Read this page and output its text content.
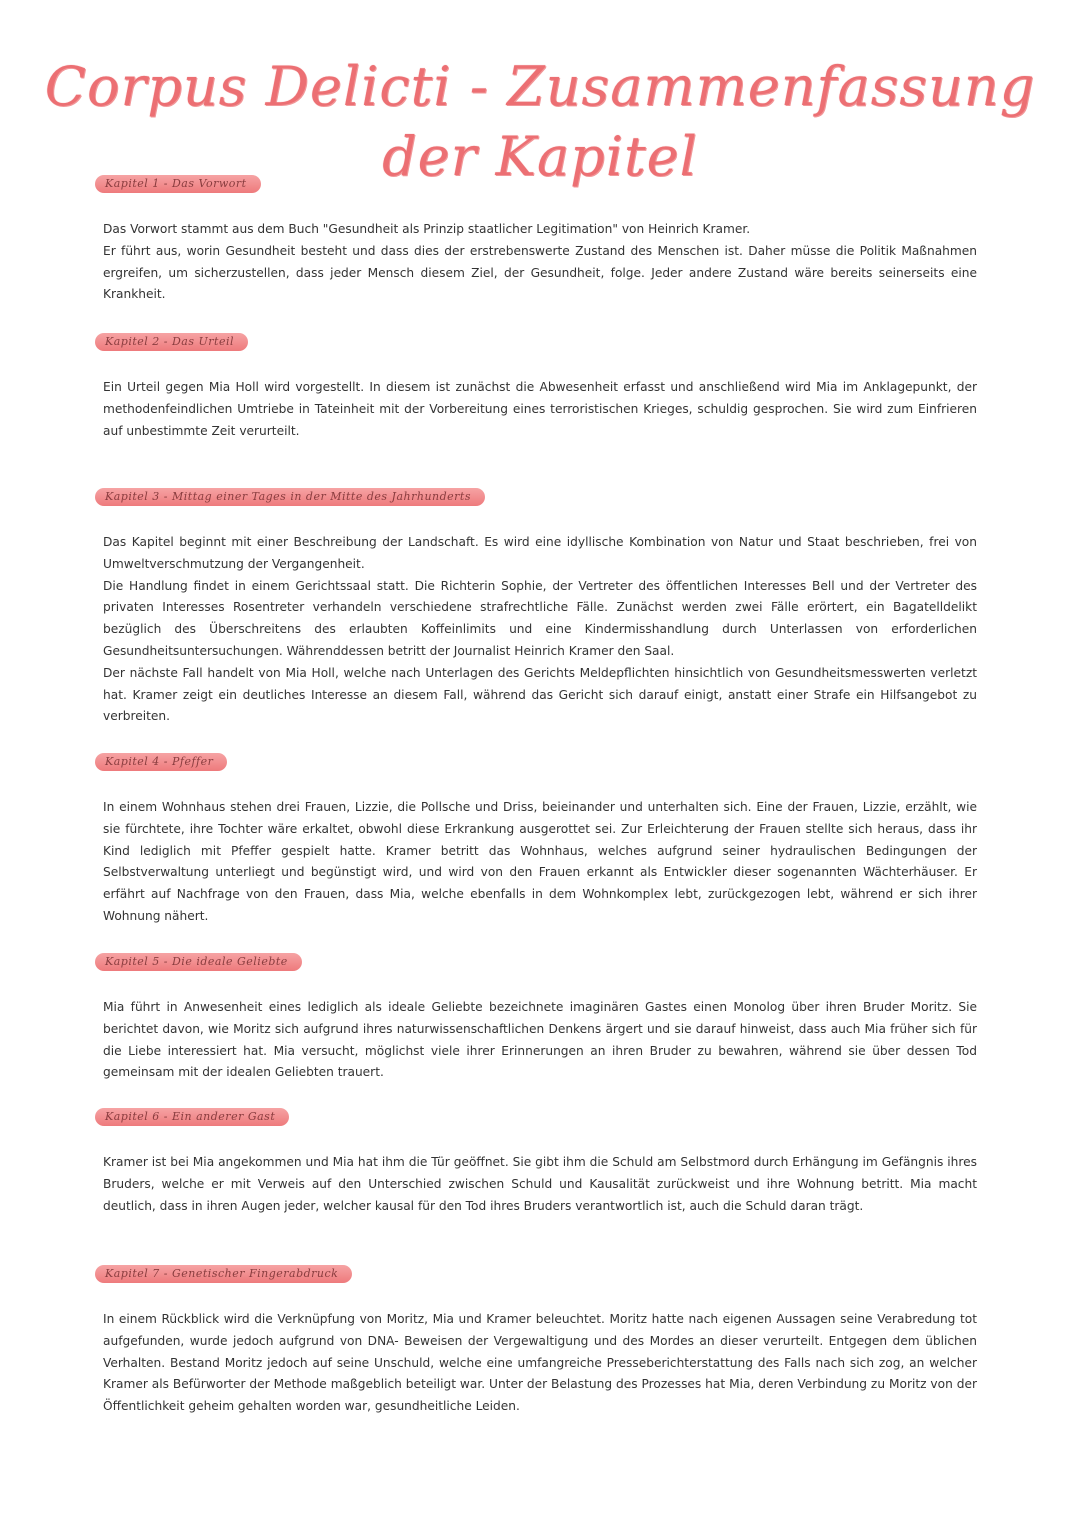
Corpus Delicti - Zusammenfassung der Kapitel
Kapitel 1 - Das Vorwort

Das Vorwort stammt aus dem Buch "Gesundheit als Prinzip staatlicher Legitimation" von Heinrich Kramer.

Er führt aus, worin Gesundheit besteht und dass dies der erstrebenswerte Zustand des Menschen ist. Daher müsse die Politik Maßnahmen ergreifen, um sicherzustellen, dass jeder Mensch diesem Ziel, der Gesundheit, folge. Jeder andere Zustand wäre bereits seinerseits eine Krankheit.

Kapitel 2 - Das Urteil

Ein Urteil gegen Mia Holl wird vorgestellt. In diesem ist zunächst die Abwesenheit erfasst und anschließend wird Mia im Anklagepunkt, der methodenfeindlichen Umtriebe in Tateinheit mit der Vorbereitung eines terroristischen Krieges, schuldig gesprochen. Sie wird zum Einfrieren auf unbestimmte Zeit verurteilt.

Kapitel 3 - Mittag einer Tages in der Mitte des Jahrhunderts

Das Kapitel beginnt mit einer Beschreibung der Landschaft. Es wird eine idyllische Kombination von Natur und Staat beschrieben, frei von Umweltverschmutzung der Vergangenheit.

Die Handlung findet in einem Gerichtssaal statt. Die Richterin Sophie, der Vertreter des öffentlichen Interesses Bell und der Vertreter des privaten Interesses Rosentreter verhandeln verschiedene strafrechtliche Fälle. Zunächst werden zwei Fälle erörtert, ein Bagatelldelikt bezüglich des Überschreitens des erlaubten Koffeinlimits und eine Kindermisshandlung durch Unterlassen von erforderlichen Gesundheitsuntersuchungen. Währenddessen betritt der Journalist Heinrich Kramer den Saal.

Der nächste Fall handelt von Mia Holl, welche nach Unterlagen des Gerichts Meldepflichten hinsichtlich von Gesundheitsmesswerten verletzt hat. Kramer zeigt ein deutliches Interesse an diesem Fall, während das Gericht sich darauf einigt, anstatt einer Strafe ein Hilfsangebot zu verbreiten.

Kapitel 4 - Pfeffer

In einem Wohnhaus stehen drei Frauen, Lizzie, die Pollsche und Driss, beieinander und unterhalten sich. Eine der Frauen, Lizzie, erzählt, wie sie fürchtete, ihre Tochter wäre erkaltet, obwohl diese Erkrankung ausgerottet sei. Zur Erleichterung der Frauen stellte sich heraus, dass ihr Kind lediglich mit Pfeffer gespielt hatte. Kramer betritt das Wohnhaus, welches aufgrund seiner hydraulischen Bedingungen der Selbstverwaltung unterliegt und begünstigt wird, und wird von den Frauen erkannt als Entwickler dieser sogenannten Wächterhäuser. Er erfährt auf Nachfrage von den Frauen, dass Mia, welche ebenfalls in dem Wohnkomplex lebt, zurückgezogen lebt, während er sich ihrer Wohnung nähert.

Kapitel 5 - Die ideale Geliebte

Mia führt in Anwesenheit eines lediglich als ideale Geliebte bezeichnete imaginären Gastes einen Monolog über ihren Bruder Moritz. Sie berichtet davon, wie Moritz sich aufgrund ihres naturwissenschaftlichen Denkens ärgert und sie darauf hinweist, dass auch Mia früher sich für die Liebe interessiert hat. Mia versucht, möglichst viele ihrer Erinnerungen an ihren Bruder zu bewahren, während sie über dessen Tod gemeinsam mit der idealen Geliebten trauert.

Kapitel 6 - Ein anderer Gast

Kramer ist bei Mia angekommen und Mia hat ihm die Tür geöffnet. Sie gibt ihm die Schuld am Selbstmord durch Erhängung im Gefängnis ihres Bruders, welche er mit Verweis auf den Unterschied zwischen Schuld und Kausalität zurückweist und ihre Wohnung betritt. Mia macht deutlich, dass in ihren Augen jeder, welcher kausal für den Tod ihres Bruders verantwortlich ist, auch die Schuld daran trägt.

Kapitel 7 - Genetischer Fingerabdruck

In einem Rückblick wird die Verknüpfung von Moritz, Mia und Kramer beleuchtet. Moritz hatte nach eigenen Aussagen seine Verabredung tot aufgefunden, wurde jedoch aufgrund von DNA- Beweisen der Vergewaltigung und des Mordes an dieser verurteilt. Entgegen dem üblichen Verhalten. Bestand Moritz jedoch auf seine Unschuld, welche eine umfangreiche Presseberichterstattung des Falls nach sich zog, an welcher Kramer als Befürworter der Methode maßgeblich beteiligt war. Unter der Belastung des Prozesses hat Mia, deren Verbindung zu Moritz von der Öffentlichkeit geheim gehalten worden war, gesundheitliche Leiden.
